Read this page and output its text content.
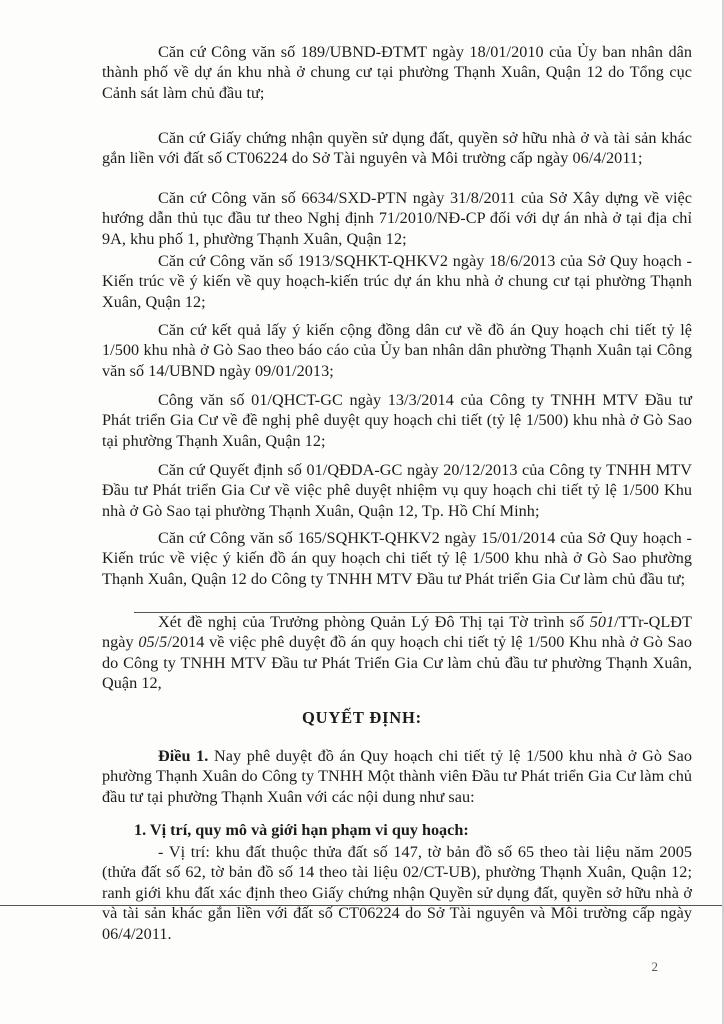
Căn cứ Công văn số 189/UBND-ĐTMT ngày 18/01/2010 của Ủy ban nhân dân thành phố về dự án khu nhà ở chung cư tại phường Thạnh Xuân, Quận 12 do Tổng cục Cảnh sát làm chủ đầu tư;

Căn cứ Giấy chứng nhận quyền sử dụng đất, quyền sở hữu nhà ở và tài sản khác gắn liền với đất số CT06224 do Sở Tài nguyên và Môi trường cấp ngày 06/4/2011;

Căn cứ Công văn số 6634/SXD-PTN ngày 31/8/2011 của Sở Xây dựng về việc hướng dẫn thủ tục đầu tư theo Nghị định 71/2010/NĐ-CP đối với dự án nhà ở tại địa chỉ 9A, khu phố 1, phường Thạnh Xuân, Quận 12;

Căn cứ Công văn số 1913/SQHKT-QHKV2 ngày 18/6/2013 của Sở Quy hoạch - Kiến trúc về ý kiến về quy hoạch-kiến trúc dự án khu nhà ở chung cư tại phường Thạnh Xuân, Quận 12;

Căn cứ kết quả lấy ý kiến cộng đồng dân cư về đồ án Quy hoạch chi tiết tỷ lệ 1/500 khu nhà ở Gò Sao theo báo cáo của Ủy ban nhân dân phường Thạnh Xuân tại Công văn số 14/UBND ngày 09/01/2013;

Công văn số 01/QHCT-GC ngày 13/3/2014 của Công ty TNHH MTV Đầu tư Phát triển Gia Cư về đề nghị phê duyệt quy hoạch chi tiết (tỷ lệ 1/500) khu nhà ở Gò Sao tại phường Thạnh Xuân, Quận 12;

Căn cứ Quyết định số 01/QĐDA-GC ngày 20/12/2013 của Công ty TNHH MTV Đầu tư Phát triển Gia Cư về việc phê duyệt nhiệm vụ quy hoạch chi tiết tỷ lệ 1/500 Khu nhà ở Gò Sao tại phường Thạnh Xuân, Quận 12, Tp. Hồ Chí Minh;

Căn cứ Công văn số 165/SQHKT-QHKV2 ngày 15/01/2014 của Sở Quy hoạch - Kiến trúc về việc ý kiến đồ án quy hoạch chi tiết tỷ lệ 1/500 khu nhà ở Gò Sao phường Thạnh Xuân, Quận 12 do Công ty TNHH MTV Đầu tư Phát triển Gia Cư làm chủ đầu tư;

Xét đề nghị của Trưởng phòng Quản Lý Đô Thị tại Tờ trình số 501/TTr-QLĐT ngày 05/5/2014 về việc phê duyệt đồ án quy hoạch chi tiết tỷ lệ 1/500 Khu nhà ở Gò Sao do Công ty TNHH MTV Đầu tư Phát Triển Gia Cư làm chủ đầu tư phường Thạnh Xuân, Quận 12,

QUYẾT ĐỊNH:

Điều 1. Nay phê duyệt đồ án Quy hoạch chi tiết tỷ lệ 1/500 khu nhà ở Gò Sao phường Thạnh Xuân do Công ty TNHH Một thành viên Đầu tư Phát triển Gia Cư làm chủ đầu tư tại phường Thạnh Xuân với các nội dung như sau:

1. Vị trí, quy mô và giới hạn phạm vi quy hoạch:

- Vị trí: khu đất thuộc thửa đất số 147, tờ bản đồ số 65 theo tài liệu năm 2005 (thửa đất số 62, tờ bản đồ số 14 theo tài liệu 02/CT-UB), phường Thạnh Xuân, Quận 12; ranh giới khu đất xác định theo Giấy chứng nhận Quyền sử dụng đất, quyền sở hữu nhà ở và tài sản khác gắn liền với đất số CT06224 do Sở Tài nguyên và Môi trường cấp ngày 06/4/2011.

2
